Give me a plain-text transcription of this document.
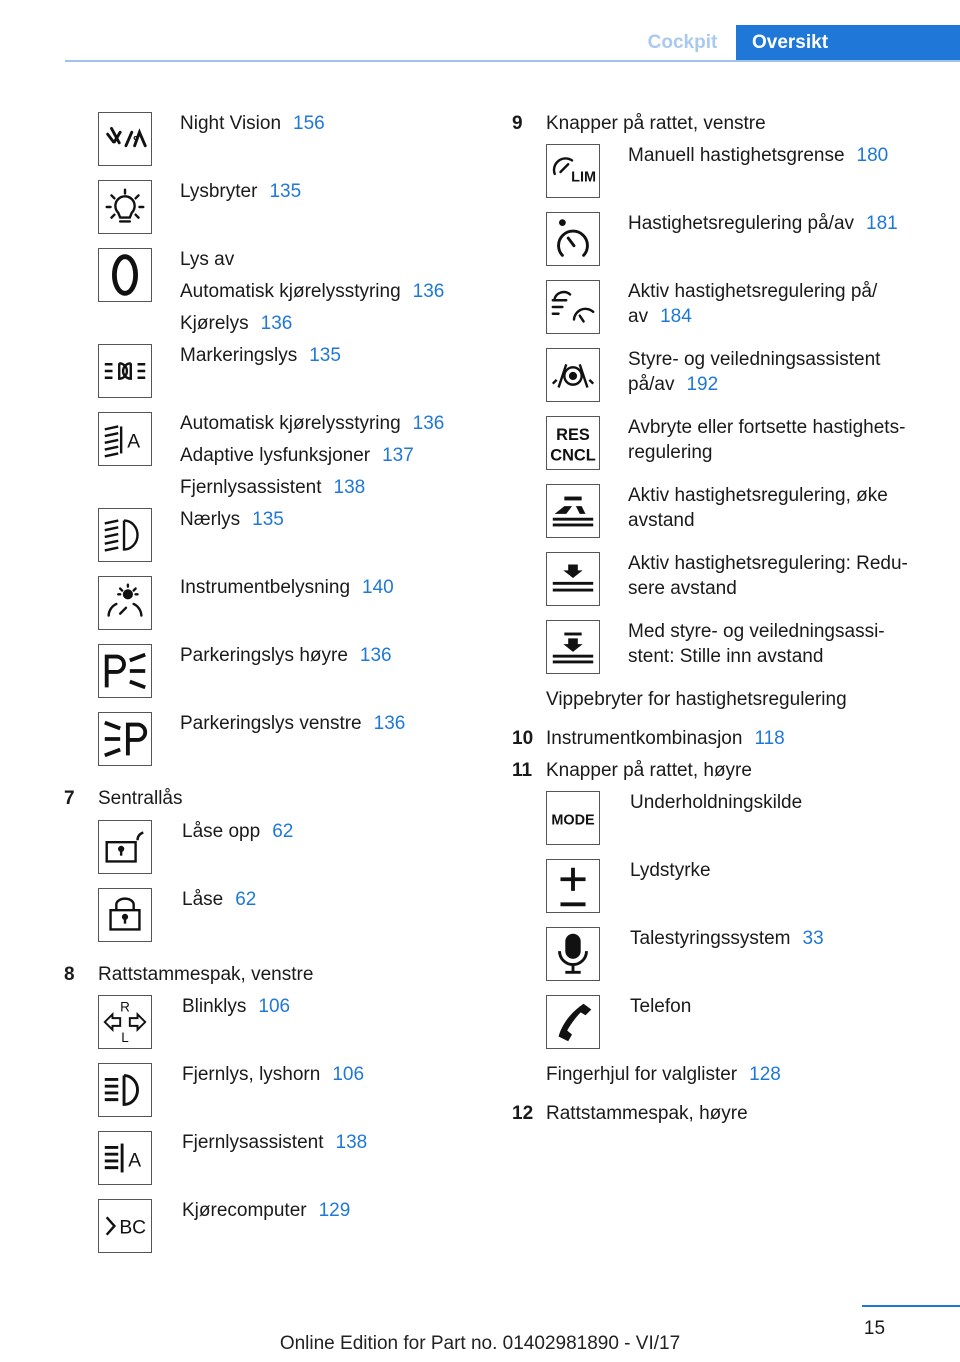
Cockpit	Oversikt
Night Vision 156
Lysbryter 135
Lys av
Automatisk kjørelysstyring 136
Kjørelys 136
Markeringslys 135
A
Automatisk kjørelysstyring 136
Adaptive lysfunksjoner 137
Fjernlysassistent 138
Nærlys 135
Instrumentbelysning 140
Parkeringslys høyre 136
Parkeringslys venstre 136
7 Sentrallås
Låse opp 62
Låse 62
8 Rattstammespak, venstre
R
L
Blinklys 106
Fjernlys, lyshorn 106
A
Fjernlysassistent 138
BC
Kjørecomputer 129
9 Knapper på rattet, venstre
LIM
Manuell hastighetsgrense 180
Hastighetsregulering på/av 181
Aktiv hastighetsregulering på/
av 184
Styre- og veiledningsassistent
på/av 192
RES
CNCL
Avbryte eller fortsette hastighets-
regulering
Aktiv hastighetsregulering, øke
avstand
Aktiv hastighetsregulering: Redu-
sere avstand
Med styre- og veiledningsassi-
stent: Stille inn avstand
Vippebryter for hastighetsregulering
10 Instrumentkombinasjon 118
11 Knapper på rattet, høyre
MODE
Underholdningskilde
Lydstyrke
Talestyringssystem 33
Telefon
Fingerhjul for valglister 128
12 Rattstammespak, høyre
15
Online Edition for Part no. 01402981890 - VI/17
